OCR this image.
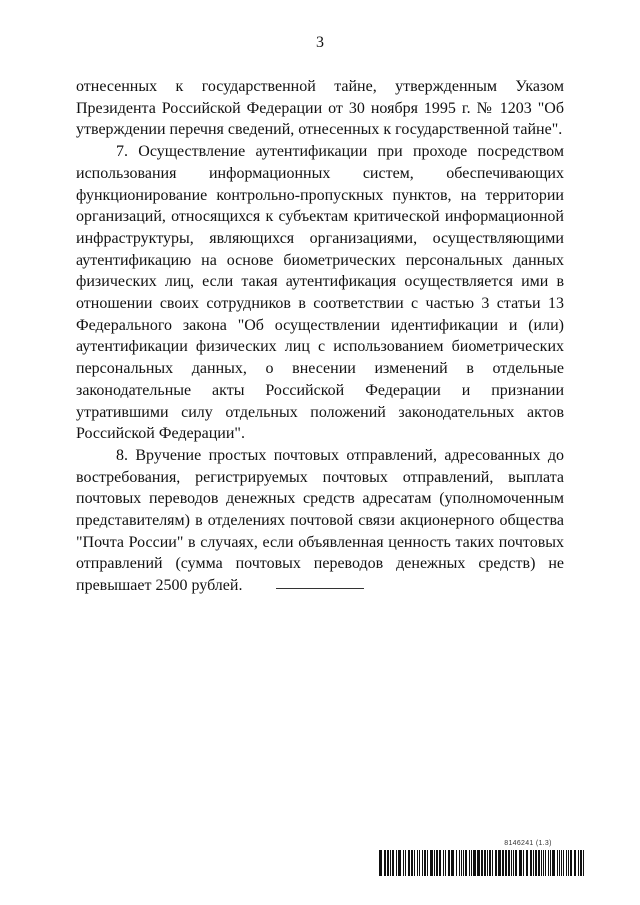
3

отнесенных к государственной тайне, утвержденным Указом Президента Российской Федерации от 30 ноября 1995 г. № 1203 "Об утверждении перечня сведений, отнесенных к государственной тайне".

7. Осуществление аутентификации при проходе посредством использования информационных систем, обеспечивающих функционирование контрольно-пропускных пунктов, на территории организаций, относящихся к субъектам критической информационной инфраструктуры, являющихся организациями, осуществляющими аутентификацию на основе биометрических персональных данных физических лиц, если такая аутентификация осуществляется ими в отношении своих сотрудников в соответствии с частью 3 статьи 13 Федерального закона "Об осуществлении идентификации и (или) аутентификации физических лиц с использованием биометрических персональных данных, о внесении изменений в отдельные законодательные акты Российской Федерации и признании утратившими силу отдельных положений законодательных актов Российской Федерации".

8. Вручение простых почтовых отправлений, адресованных до востребования, регистрируемых почтовых отправлений, выплата почтовых переводов денежных средств адресатам (уполномоченным представителям) в отделениях почтовой связи акционерного общества "Почта России" в случаях, если объявленная ценность таких почтовых отправлений (сумма почтовых переводов денежных средств) не превышает 2500 рублей.

8146241 (1.3)
